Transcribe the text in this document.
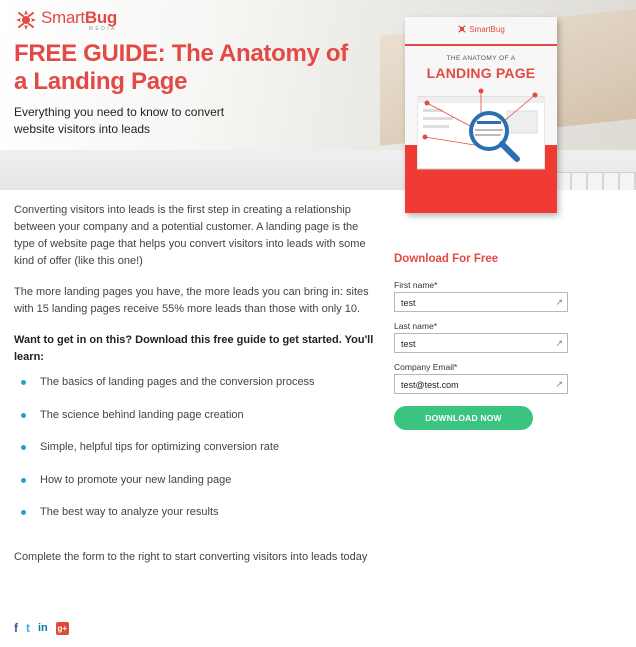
SmartBug
MEDIA
FREE GUIDE: The Anatomy of a Landing Page
Everything you need to know to convert website visitors into leads
SmartBug
THE ANATOMY OF A
LANDING PAGE

Converting visitors into leads is the first step in creating a relationship between your company and a potential customer. A landing page is the type of website page that helps you convert visitors into leads with some kind of offer (like this one!)

The more landing pages you have, the more leads you can bring in: sites with 15 landing pages receive 55% more leads than those with only 10.

Want to get in on this? Download this free guide to get started. You'll learn:

The basics of landing pages and the conversion process
The science behind landing page creation
Simple, helpful tips for optimizing conversion rate
How to promote your new landing page
The best way to analyze your results

Complete the form to the right to start converting visitors into leads today

f t in g+
Download For Free
First name*
test
↗
Last name*
test
↗
Company Email*
test@test.com
↗
DOWNLOAD NOW
